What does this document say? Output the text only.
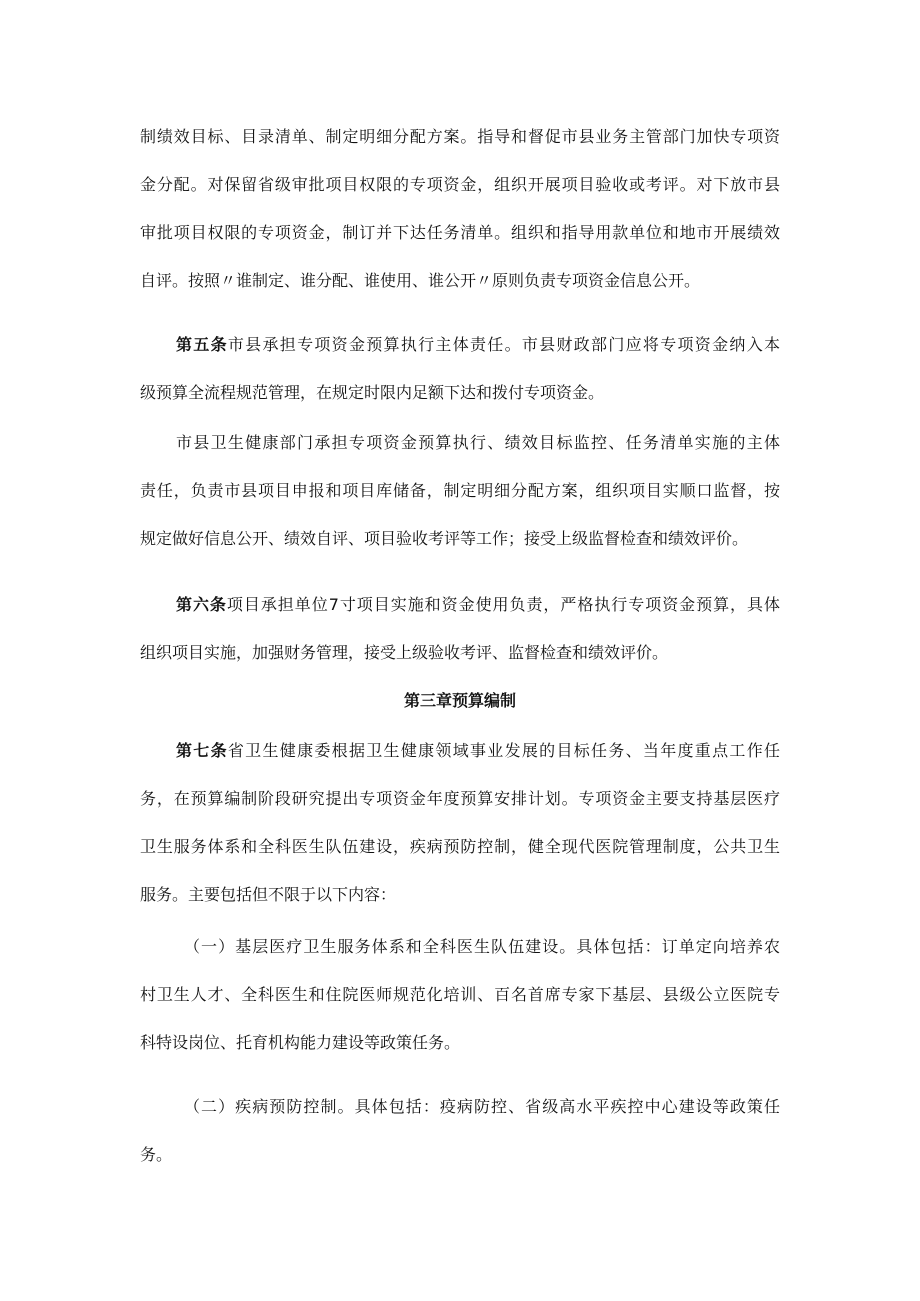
制绩效目标、目录清单、制定明细分配方案。指导和督促市县业务主管部门加快专项资
金分配。对保留省级审批项目权限的专项资金，组织开展项目验收或考评。对下放市县
审批项目权限的专项资金，制订并下达任务清单。组织和指导用款单位和地市开展绩效
自评。按照〃谁制定、谁分配、谁使用、谁公开〃原则负责专项资金信息公开。
第五条市县承担专项资金预算执行主体责任。市县财政部门应将专项资金纳入本
级预算全流程规范管理，在规定时限内足额下达和拨付专项资金。
市县卫生健康部门承担专项资金预算执行、绩效目标监控、任务清单实施的主体
责任，负责市县项目申报和项目库储备，制定明细分配方案，组织项目实顺口监督，按
规定做好信息公开、绩效自评、项目验收考评等工作；接受上级监督检查和绩效评价。
第六条项目承担单位7寸项目实施和资金使用负责，严格执行专项资金预算，具体
组织项目实施，加强财务管理，接受上级验收考评、监督检查和绩效评价。
第三章预算编制
第七条省卫生健康委根据卫生健康领域事业发展的目标任务、当年度重点工作任
务，在预算编制阶段研究提出专项资金年度预算安排计划。专项资金主要支持基层医疗
卫生服务体系和全科医生队伍建设，疾病预防控制，健全现代医院管理制度，公共卫生
服务。主要包括但不限于以下内容：
（一）基层医疗卫生服务体系和全科医生队伍建设。具体包括：订单定向培养农
村卫生人才、全科医生和住院医师规范化培训、百名首席专家下基层、县级公立医院专
科特设岗位、托育机构能力建设等政策任务。
（二）疾病预防控制。具体包括：疫病防控、省级高水平疾控中心建设等政策任
务。
